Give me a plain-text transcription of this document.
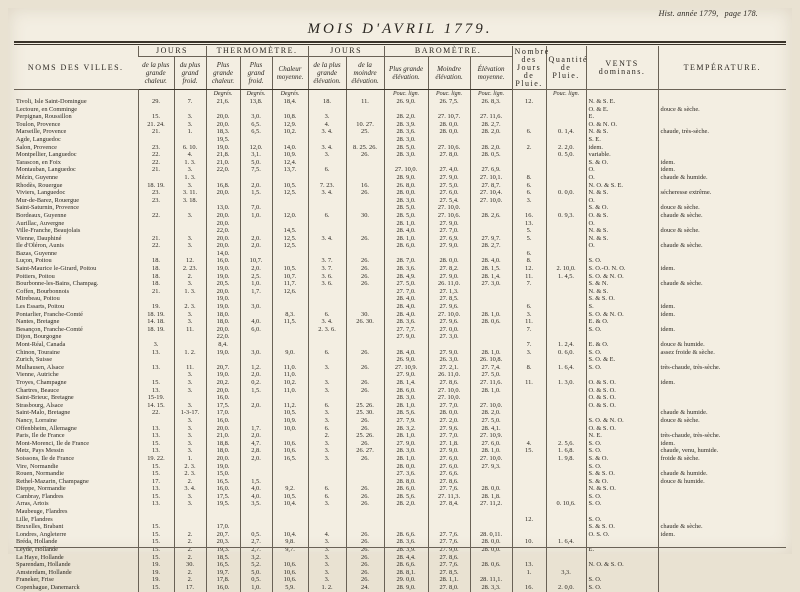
Hist. année 1779, page 178.
MOIS D'AVRIL 1779.
NOMS DES VILLES.	JOURS		THERMOMÈTRE.			JOURS		BAROMÈTRE.			Nombre des Jours de Pluie.	Quantité de Pluie.	VENTS dominans.	TEMPÉRATURE.
	de la plus grande chaleur.	du plus grand froid.	Plus grande chaleur.	Plus grand froid.	Chaleur moyenne.	de la plus grande élévation.	de la moindre élévation.	Plus grande élévation.	Moindre élévation.	Élévation moyenne.				
			Degrés.	Degrés.	Degrés.			Pouc. lign.	Pouc. lign.	Pouc. lign.		Pouc. lign.		
Tivoli, Isle Saint-Domingue	29.	7.	21,6.	13,8.	18,4.	18.	11.	26. 9,0.	26. 7,5.	26. 8,3.	12.		N. & S. E.	
Lectoure, en Comminge													O. & E.	douce & sèche.
Perpignan, Roussillon	15.	3.	20,0.	3,0.	10,8.	3.		28. 2,0.	27. 10,7.	27. 11,6.			E.	
Toulon, Provence	21. 24.	3.	20,0.	6,5.	12,9.	4.	10. 27.	28. 3,9.	28. 0,0.	28. 2,7.			O. & N. O.	
Marseille, Provence	21.	1.	18,3.	6,5.	10,2.	3. 4.	25.	28. 3,6.	28. 0,0.	28. 2,0.	6.	0. 1,4.	N. & S.	chaude, très-sèche.
Agde, Languedoc			19,5.					28. 3,0.					S. E.	
Salon, Provence	23.	6. 10.	19,0.	12,0.	14,0.	3. 4.	8. 25. 26.	28. 5,0.	27. 10,6.	28. 2,0.	2.	2. 2,0.	idem.	
Montpellier, Languedoc	22.	4.	21,8.	3,1.	10,9.	3.	26.	28. 3,0.	27. 8,0.	28. 0,5.		0. 5,0.	variable.	
Tarascon, en Foix	22.	1. 3.	21,0.	5,0.	12,4.								S. & O.	idem.
Montauban, Languedoc	21.	3.	22,0.	7,5.	13,7.	6.		27. 10,0.	27. 4,0.	27. 6,9.			O.	idem.
Mézin, Guyenne		1. 3.						28. 9,0.	27. 9,0.	27. 10,1.	8.		O.	chaude & humide.
Rhodès, Rouergue	18. 19.	3.	16,8.	2,0.	10,5.	7. 23.	16.	26. 8,0.	27. 5,0.	27. 8,7.	6.		N. O. & S. E.	
Viviers, Languedoc	23.	3. 11.	20,0.	1,5.	12,5.	3. 4.	26.	28. 0,0.	27. 6,0.	27. 10,4.	6.	0. 0,0.	N. & S.	sécheresse extrême.
Mur-de-Barez, Rouergue	23.	3. 18.						28. 3,0.	27. 5,4.	27. 10,0.	3.		O.	
Saint-Saturnin, Provence			13,0.	7,0.				28. 5,0.	27. 10,0.				S. & O.	douce & sèche.
Bordeaux, Guyenne	22.	3.	20,0.	1,0.	12,0.	6.	30.	28. 5,0.	27. 10,6.	28. 2,6.	16.	0. 9,3.	O. & S.	chaude & sèche.
Aurillac, Auvergne			20,0.					28. 1,0.	27. 9,0.		13.		O.	
Ville-Franche, Beaujolais			22,0.		14,5.			28. 4,0.	27. 7,0.		5.		N. & S.	douce & sèche.
Vienne, Dauphiné	21.	3.	20,0.	2,0.	12,5.	3. 4.	26.	28. 1,0.	27. 6,9.	27. 9,7.	5.		N. & S.	
Ile d'Oléron, Aunis	22.	3.	20,0.	2,0.	12,5.			28. 6,0.	27. 9,0.	28. 2,7.			O.	chaude & sèche.
Bazas, Guyenne			14,0.								6.			
Luçon, Poitou	18.	12.	16,0.	10,7.		3. 7.	26.	28. 7,0.	28. 0,0.	28. 4,0.	8.		S. O.	
Saint-Maurice le-Girard, Poitou	18.	2. 23.	19,0.	2,0.	10,5.	3. 7.	26.	28. 3,6.	27. 8,2.	28. 1,5.	12.	2. 10,0.	S. O.-O. N. O.	idem.
Poitiers, Poitou	18.	2.	19,0.	2,5.	10,7.	3. 6.	26.	28. 4,9.	27. 9,0.	28. 1,4.	11.	1. 4,5.	S. O. & N. O.	
Bourbonne-les-Bains, Champag.	18.	3.	20,5.	1,0.	11,7.	3. 6.	26.	27. 5,0.	26. 11,0.	27. 3,0.	7.		S. & N.	chaude & sèche.
Coffen, Bourbonnois	21.	1. 3.	20,0.	1,7.	12,6.			27. 7,0.	27. 1,3.				N. & S.	
Mirebeau, Poitou			19,0.					28. 4,0.	27. 8,5.				S. & S. O.	
Les Essarts, Poitou	19.	2. 3.	19,0.	3,0.				28. 4,0.	27. 9,6.		6.		S.	idem.
Pontarlier, Franche-Comté	18. 19.	3.	18,0.		8,3.	6.	30.	28. 4,0.	27. 10,0.	28. 1,0.	3.		S. O. & N. O.	idem.
Nantes, Bretagne	14. 18.	3.	18,0.	4,0.	11,5.	3. 4.	26. 30.	28. 3,6.	27. 9,6.	28. 0,6.	11.		E. & O.	
Besançon, Franche-Comté	18. 19.	11.	20,0.	6,0.		2. 3. 6.		27. 7,7.	27. 0,0.		7.		S. O.	idem.
Dijon, Bourgogne			22,0.					27. 9,0.	27. 3,0.					
Mont-Réal, Canada	3.		8,4.								7.	1. 2,4.	E. & O.	douce & humide.
Chinon, Touraine	13.	1. 2.	19,0.	3,0.	9,0.	6.	26.	28. 4,0.	27. 9,0.	28. 1,0.	3.	0. 6,0.	S. O.	assez froide & sèche.
Zurich, Suisse								26. 9,0.	26. 3,0.	26. 10,8.			S. O. & E.	
Mulhausen, Alsace	13.	11.	20,7.	1,2.	11,0.	3.	26.	27. 10,9.	27. 2,1.	27. 7,4.	8.	1. 6,4.	S. O.	très-chaude, très-sèche.
Vienne, Autriche		3.	19,0.	2,0.	11,0.			27. 9,0.	26. 11,0.	27. 5,0.				
Troyes, Champagne	15.	3.	20,2.	0,2.	10,2.	3.	26.	28. 1,4.	27. 8,6.	27. 11,6.	11.	1. 3,0.	O. & S. O.	idem.
Chartres, Beauce	13.	3.	20,0.	1,5.	11,0.	3.	26.	28. 6,0.	27. 10,0.	28. 1,0.			O. & S. O.	
Saint-Brieuc, Bretagne	15-19.		16,0.					28. 3,0.	27. 10,0.				O. & S. O.	
Strasbourg, Alsace	14. 15.	3.	17,5.	2,0.	11,2.	6.	25. 26.	28. 1,0.	27. 7,0.	27. 10,0.			O. & S. O.	
Saint-Malo, Bretagne	22.	1-3-17.	17,0.		10,5.	3.	25. 30.	28. 5,6.	28. 0,0.	28. 2,0.				chaude & humide.
Nancy, Lorraine		3.	16,0.		10,9.	3.	26.	27. 7,9.	27. 2,0.	27. 5,0.			S. O. & N. O.	douce & sèche.
Offenbheim, Allemagne	13.	3.	20,0.	1,7.	10,0.	6.	26.	28. 3,2.	27. 9,6.	28. 4,1.			O. & S. O.	
Paris, Ile de France	13.	3.	21,0.	2,0.		2.	25. 26.	28. 1,0.	27. 7,0.	27. 10,9.			N. E.	très-chaude, très-sèche.
Mont-Morenci, Ile de France	15.	3.	18,8.	4,7.	10,6.	3.	26.	27. 9,0.	27. 1,8.	27. 6,0.	4.	2. 5,6.	S. O.	idem.
Metz, Pays Messin	13.	3.	18,0.	2,8.	10,6.	3.	26. 27.	28. 3,0.	27. 9,0.	28. 1,0.	15.	1. 6,8.	S. O.	chaude, venu, humide.
Soissons, Ile de France	19. 22.	1.	20,0.	2,0.	16,5.	3.	26.	28. 1,0.	27. 6,0.	27. 10,0.		1. 9,8.	S. & O.	froide & sèche.
Vire, Normandie	15.	2. 3.	19,0.					28. 0,0.	27. 6,0.	27. 9,3.			S. O.	
Rouen, Normandie	15.	2. 3.	15,0.					27. 3,6.	27. 6,6.				S. & S. O.	chaude & humide.
Rethel-Mazarin, Champagne	17.	2.	16,5.	1,5.				28. 8,0.	27. 8,6.				S. & O.	douce & humide.
Dieppe, Normandie	13.	3. 4.	16,0.	4,0.	9,2.	6.	26.	28. 6,0.	27. 7,6.	28. 0,0.			N. & S. O.	
Cambray, Flandres	15.	3.	17,5.	4,0.	10,5.	6.	26.	28. 5,6.	27. 11,3.	28. 1,8.			S. O.	
Arras, Artois	13.	3.	19,5.	3,5.	10,4.	3.	26.	28. 2,0.	27. 8,4.	27. 11,2.		0. 10,6.	S. O.	
Maubeuge, Flandres														
Lille, Flandres											12.		S. O.	
Bruxelles, Brabant	15.		17,0.										S. & S. O.	chaude & sèche.
Londres, Angleterre	15.	2.	20,7.	0,5.	10,4.	4.	26.	28. 6,6.	27. 7,6.	28. 0,11.			O. S. O.	idem.
Bréda, Hollande	15.	2.	20,3.	2,7.	9,8.	3.	26.	28. 3,6.	27. 7,6.	28. 0,0.	10.	1. 6,4.		
Leyde, Hollande	15.	2.	19,3.	2,7.	9,7.	3.	26.	28. 3,9.	27. 9,0.	28. 0,0.			E.	
La Haye, Hollande	15.	2.	18,5.	3,2.		3.	26.	28. 4,4.	27. 8,6.					
Sparendam, Hollande	19.	30.	16,5.	5,2.	10,6.	3.	26.	28. 6,6.	27. 7,6.	28. 0,6.	13.		N. O. & S. O.	
Amsterdam, Hollande	19.	2.	19,7.	5,0.	10,6.	3.	26.	28. 8,1.	27. 8,5.		1.	3,3.		
Franeker, Frise	19.	2.	17,8.	0,5.	10,6.	3.	26.	29. 0,0.	28. 1,1.	28. 11,1.			S. O.	
Copenhague, Danemarck	15.	17.	16,0.	1,0.	5,9.	1. 2.	24.	28. 9,0.	27. 8,0.	28. 3,3.	16.	2. 0,0.	S. O.	
